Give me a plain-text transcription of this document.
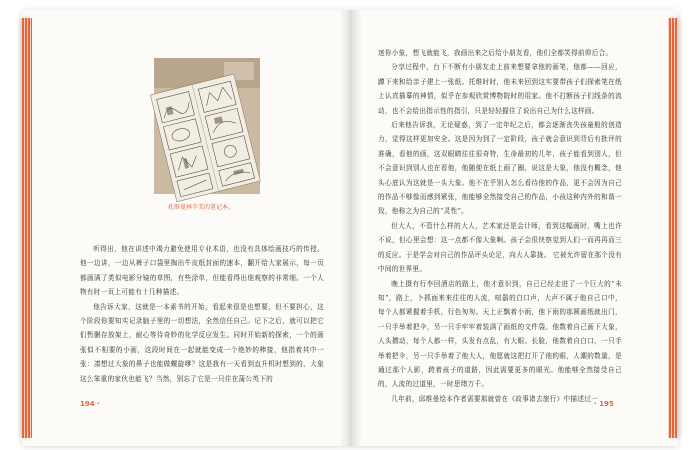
托维曼林辛美的笔记本。

听得出，他在讲述中竭力避免使用专业术语，也没有具体绘画技巧的传授。他一边讲，一边从裤子口袋里掏出牛皮纸封面的速本，翻开给大家展示，每一页都画满了类似电影分镜的草图，有些涂单，但能看得出他观察的非常细。一个人物有时一页上可能有十几种描述。

他告诉大家，这就是一本素书的开始，看起来很是也想要，但不要担心，这个阶段你要知实记录脑子里的一切想法，全然信任自己。记下之后，就可以把它们暂删存放架上，耐心等待奇妙的化学反应发生。同时开始新的探索，一个的画张似不相要的小画，这段时间在一起就能变成一个绝妙的棒接，他指着其中一张：凑想过大象的鼻子也能做螺旋嗲？这是我有一天看到直升机时想到的，大象这么笨重的家伙也能飞？当然，别忘了它是一只住在蒲公英下的

迷你小象，想飞就能飞，我画出来之后给小朋友看，他们全都笑得前仰后合。

分享过程中，台下不断有小朋友走上前来想要拿他的画笔，他都——回应，蹲下来和给亲子建上一张纸。托维时时，他未来回到这实要带孩子们探索笔在纸上认真描摹的神情，似乎在参观欣赏博物院时的用家。他不打断孩子们线条的流动，也不会给出指示性的指引，只是轻轻握住了说出自己为什么这样画。

后来他告诉我，无论疑惑，到了一定年纪之后，都会逐渐丧失孩童般的创造力，觉得这样更加安全。这是因为到了一定阶段，孩子就会意识到背后有批评的准确，看他的画，这双眼睛往往很奇特，生命最初的几年，孩子能看到别人，但不会意识到别人也在看他，他随便在纸上画了圈，说这是大象，他没有概念，他头心底认为这就是一头大象。他不在乎别人怎么看待他的作品，更不会因为自己的作品不够像而感到紧张，他能够全然接受自己的作品，小孩这种内外的和谐一致，他称之为自己的“灵性”。

但大人，不管什么样的大人，艺术家还是会计师，看到这幅画时，嘴上也许不说，但心里会想：这一点都不像大象啊。孩子会很快察觉到人们一而再再而三的反应。于是学会对自己的作品评头论足，向大人靠拢。 它被允许留在那个没有中间的世界里。

晚上摄有行李回酒店的路上，他才意识到，自己已经走进了一个巨大的“未知”，路上，卜抓面来来往往的人流，喧嚣的白口声，大声不属于他自己口中，每个人都紧握着手机，行色匆匆。天上正飘着小雨，他下雨的那圆画纸就出门，一只手举着把伞，另一只手牢牢着装满了画纸的文件袋。他数着自己画下大象，人头攒动，每个人都一样，头发有点乱，有大眼、长脸，他数着自白口，一只手举着把伞，另一只手举着了他大人，他愿就这把打开了他的眼，人潮的数量，是通过那个人影，跨着孩子的道路，因此需要更多的眼光。他能够全然接受自己的，人流的过道里，一时思绪万千。

几年前，邱维曼绘本作者需要那就曾在《故事诸去旅行》中描述过一

194 ·	· 195
